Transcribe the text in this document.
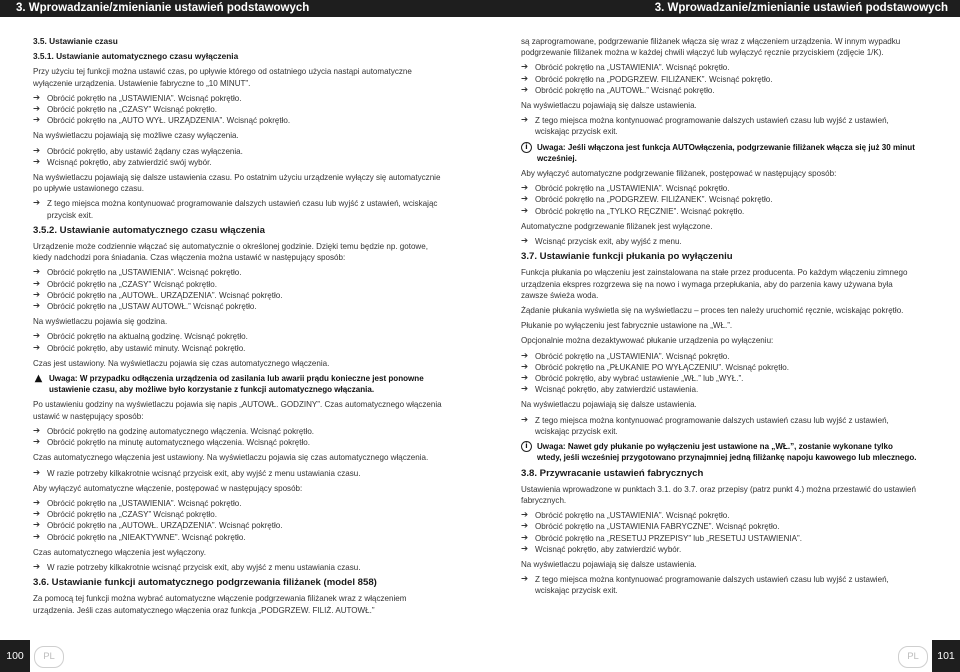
3. Wprowadzanie/zmienianie ustawień podstawowych	3. Wprowadzanie/zmienianie ustawień podstawowych

3.5. Ustawianie czasu

3.5.1. Ustawianie automatycznego czasu wyłączenia

Przy użyciu tej funkcji można ustawić czas, po upływie którego od ostatniego użycia nastąpi automatyczne wyłączenie urządzenia. Ustawienie fabryczne to „10 MINUT”.

➔ Obrócić pokrętło na „USTAWIENIA”. Wcisnąć pokrętło.

➔ Obrócić pokrętło na „CZASY” Wcisnąć pokrętło.

➔ Obrócić pokrętło na „AUTO WYŁ. URZĄDZENIA”. Wcisnąć pokrętło.

Na wyświetlaczu pojawiają się możliwe czasy wyłączenia.

➔ Obrócić pokrętło, aby ustawić żądany czas wyłączenia.

➔ Wcisnąć pokrętło, aby zatwierdzić swój wybór.

Na wyświetlaczu pojawiają się dalsze ustawienia czasu. Po ostatnim użyciu urządzenie wyłączy się automatycznie po upływie ustawionego czasu.

➔ Z tego miejsca można kontynuować programowanie dalszych ustawień czasu lub wyjść z ustawień, wciskając przycisk exit.

3.5.2. Ustawianie automatycznego czasu włączenia

Urządzenie może codziennie włączać się automatycznie o określonej godzinie. Dzięki temu będzie np. gotowe, kiedy nadchodzi pora śniadania. Czas włączenia można ustawić w następujący sposób:

➔ Obrócić pokrętło na „USTAWIENIA”. Wcisnąć pokrętło.

➔ Obrócić pokrętło na „CZASY” Wcisnąć pokrętło.

➔ Obrócić pokrętło na „AUTOWŁ. URZĄDZENIA”. Wcisnąć pokrętło.

➔ Obrócić pokrętło na „USTAW AUTOWŁ.” Wcisnąć pokrętło.

Na wyświetlaczu pojawia się godzina.

➔ Obrócić pokrętło na aktualną godzinę. Wcisnąć pokrętło.

➔ Obrócić pokrętło, aby ustawić minuty. Wcisnąć pokrętło.

Czas jest ustawiony. Na wyświetlaczu pojawia się czas automatycznego włączenia.

▲ Uwaga: W przypadku odłączenia urządzenia od zasilania lub awarii prądu konieczne jest ponowne ustawienie czasu, aby możliwe było korzystanie z funkcji automatycznego włączania.

Po ustawieniu godziny na wyświetlaczu pojawia się napis „AUTOWŁ. GODZINY”. Czas automatycznego włączenia ustawić w następujący sposób:

➔ Obrócić pokrętło na godzinę automatycznego włączenia. Wcisnąć pokrętło.

➔ Obrócić pokrętło na minutę automatycznego włączenia. Wcisnąć pokrętło.

Czas automatycznego włączenia jest ustawiony. Na wyświetlaczu pojawia się czas automatycznego włączenia.

➔ W razie potrzeby kilkakrotnie wcisnąć przycisk exit, aby wyjść z menu ustawiania czasu.

Aby wyłączyć automatyczne włączenie, postępować w następujący sposób:

➔ Obrócić pokrętło na „USTAWIENIA”. Wcisnąć pokrętło.

➔ Obrócić pokrętło na „CZASY” Wcisnąć pokrętło.

➔ Obrócić pokrętło na „AUTOWŁ. URZĄDZENIA”. Wcisnąć pokrętło.

➔ Obrócić pokrętło na „NIEAKTYWNE”. Wcisnąć pokrętło.

Czas automatycznego włączenia jest wyłączony.

➔ W razie potrzeby kilkakrotnie wcisnąć przycisk exit, aby wyjść z menu ustawiania czasu.

3.6. Ustawianie funkcji automatycznego podgrzewania filiżanek (model 858)

Za pomocą tej funkcji można wybrać automatyczne włączenie podgrzewania filiżanek wraz z włączeniem urządzenia. Jeśli czas automatycznego włączenia oraz funkcja „PODGRZEW. FILIŻ. AUTOWŁ.”

są zaprogramowane, podgrzewanie filiżanek włącza się wraz z włączeniem urządzenia. W innym wypadku podgrzewanie filiżanek można w każdej chwili włączyć lub wyłączyć ręcznie przyciskiem (zdjęcie 1/K).

➔ Obrócić pokrętło na „USTAWIENIA”. Wcisnąć pokrętło.

➔ Obrócić pokrętło na „PODGRZEW. FILIŻANEK”. Wcisnąć pokrętło.

➔ Obrócić pokrętło na „AUTOWŁ.” Wcisnąć pokrętło.

Na wyświetlaczu pojawiają się dalsze ustawienia.

➔ Z tego miejsca można kontynuować programowanie dalszych ustawień czasu lub wyjść z ustawień, wciskając przycisk exit.

i	Uwaga: Jeśli włączona jest funkcja AUTOwłączenia, podgrzewanie filiżanek włącza się już 30 minut wcześniej.

Aby wyłączyć automatyczne podgrzewanie filiżanek, postępować w następujący sposób:

➔ Obrócić pokrętło na „USTAWIENIA”. Wcisnąć pokrętło.

➔ Obrócić pokrętło na „PODGRZEW. FILIŻANEK”. Wcisnąć pokrętło.

➔ Obrócić pokrętło na „TYLKO RĘCZNIE”. Wcisnąć pokrętło.

Automatyczne podgrzewanie filiżanek jest wyłączone.

➔ Wcisnąć przycisk exit, aby wyjść z menu.

3.7. Ustawianie funkcji płukania po wyłączeniu

Funkcja płukania po włączeniu jest zainstalowana na stałe przez producenta. Po każdym włączeniu zimnego urządzenia ekspres rozgrzewa się na nowo i wymaga przepłukania, aby do parzenia kawy używana była zawsze świeża woda.

Żądanie płukania wyświetla się na wyświetlaczu – proces ten należy uruchomić ręcznie, wciskając pokrętło.

Płukanie po wyłączeniu jest fabrycznie ustawione na „WŁ.”.

Opcjonalnie można dezaktywować płukanie urządzenia po wyłączeniu:

➔ Obrócić pokrętło na „USTAWIENIA”. Wcisnąć pokrętło.

➔ Obrócić pokrętło na „PŁUKANIE PO WYŁĄCZENIU”. Wcisnąć pokrętło.

➔ Obrócić pokrętło, aby wybrać ustawienie „WŁ.” lub „WYŁ.”.

➔ Wcisnąć pokrętło, aby zatwierdzić ustawienia.

Na wyświetlaczu pojawiają się dalsze ustawienia.

➔ Z tego miejsca można kontynuować programowanie dalszych ustawień czasu lub wyjść z ustawień, wciskając przycisk exit.

i	Uwaga: Nawet gdy płukanie po wyłączeniu jest ustawione na „WŁ.”, zostanie wykonane tylko wtedy, jeśli wcześniej przygotowano przynajmniej jedną filiżankę napoju kawowego lub mlecznego.

3.8. Przywracanie ustawień fabrycznych

Ustawienia wprowadzone w punktach 3.1. do 3.7. oraz przepisy (patrz punkt 4.) można przestawić do ustawień fabrycznych.

➔ Obrócić pokrętło na „USTAWIENIA”. Wcisnąć pokrętło.

➔ Obrócić pokrętło na „USTAWIENIA FABRYCZNE”. Wcisnąć pokrętło.

➔ Obrócić pokrętło na „RESETUJ PRZEPISY” lub „RESETUJ USTAWIENIA”.

➔ Wcisnąć pokrętło, aby zatwierdzić wybór.

Na wyświetlaczu pojawiają się dalsze ustawienia.

➔ Z tego miejsca można kontynuować programowanie dalszych ustawień czasu lub wyjść z ustawień, wciskając przycisk exit.

100	PL	PL	101
